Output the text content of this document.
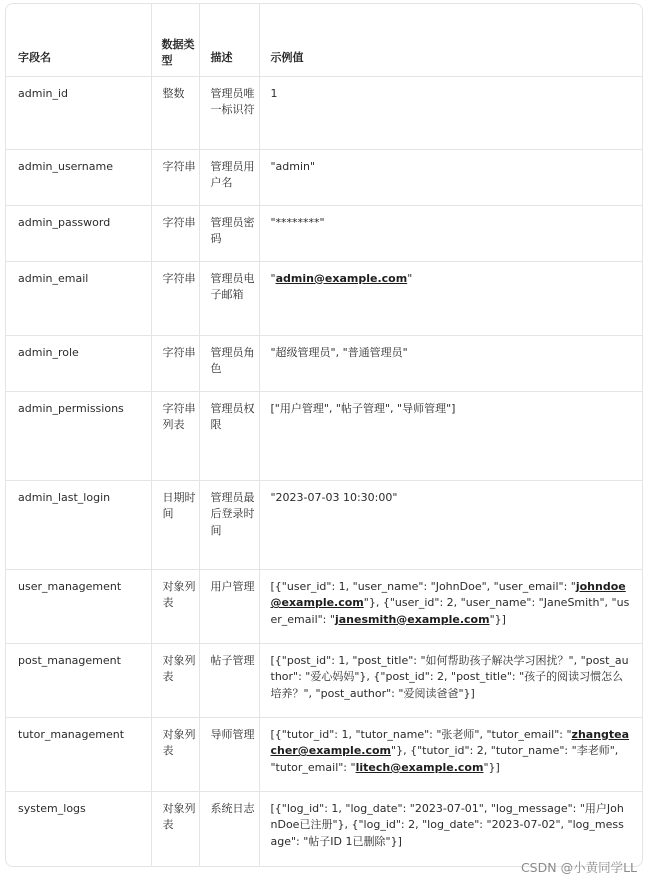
字段名	数据类型	描述	示例值
admin_id	整数	管理员唯一标识符	1
admin_username	字符串	管理员用户名	"admin"
admin_password	字符串	管理员密码	"********"
admin_email	字符串	管理员电子邮箱	"admin@example.com"
admin_role	字符串	管理员角色	"超级管理员", "普通管理员"
admin_permissions	字符串列表	管理员权限	["用户管理", "帖子管理", "导师管理"]
admin_last_login	日期时间	管理员最后登录时间	"2023-07-03 10:30:00"
user_management	对象列表	用户管理	[{"user_id": 1, "user_name": "JohnDoe", "user_email": "johndoe@example.com"}, {"user_id": 2, "user_name": "JaneSmith", "user_email": "janesmith@example.com"}]
post_management	对象列表	帖子管理	[{"post_id": 1, "post_title": "如何帮助孩子解决学习困扰？", "post_author": "爱心妈妈"}, {"post_id": 2, "post_title": "孩子的阅读习惯怎么培养？", "post_author": "爱阅读爸爸"}]
tutor_management	对象列表	导师管理	[{"tutor_id": 1, "tutor_name": "张老师", "tutor_email": "zhangteacher@example.com"}, {"tutor_id": 2, "tutor_name": "李老师", "tutor_email": "litech@example.com"}]
system_logs	对象列表	系统日志	[{"log_id": 1, "log_date": "2023-07-01", "log_message": "用户JohnDoe已注册"}, {"log_id": 2, "log_date": "2023-07-02", "log_message": "帖子ID 1已删除"}]
CSDN @小黄同学LL
